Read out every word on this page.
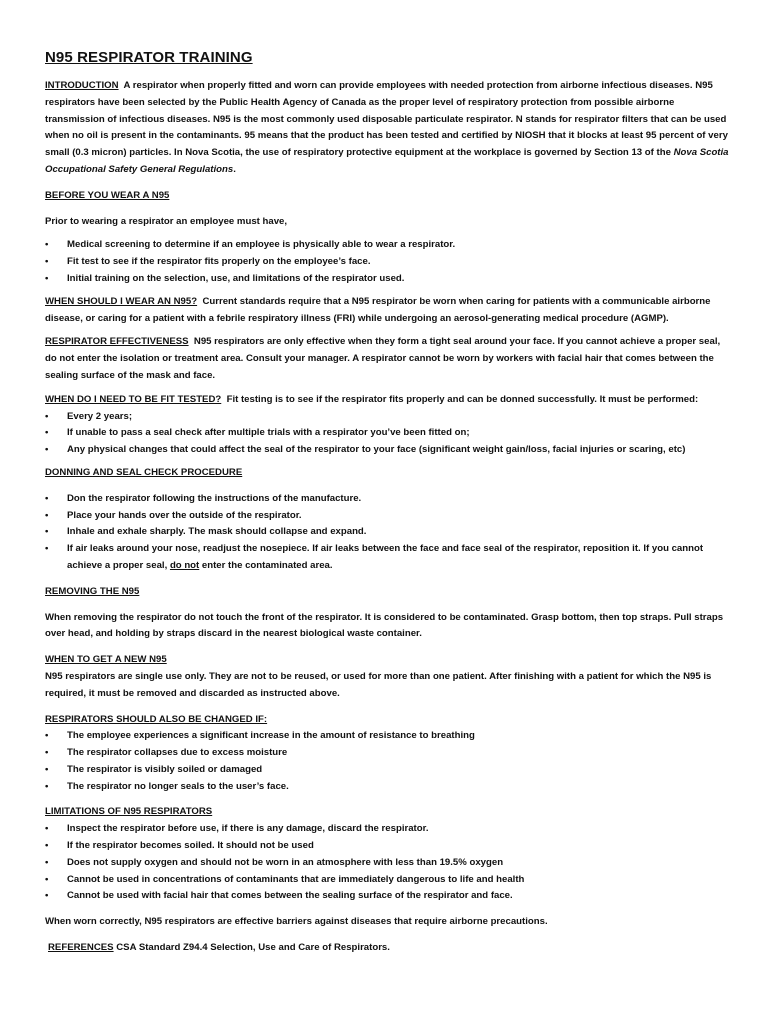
N95 RESPIRATOR TRAINING

INTRODUCTION A respirator when properly fitted and worn can provide employees with needed protection from airborne infectious diseases. N95 respirators have been selected by the Public Health Agency of Canada as the proper level of respiratory protection from possible airborne transmission of infectious diseases. N95 is the most commonly used disposable particulate respirator. N stands for respirator filters that can be used when no oil is present in the contaminants. 95 means that the product has been tested and certified by NIOSH that it blocks at least 95 percent of very small (0.3 micron) particles. In Nova Scotia, the use of respiratory protective equipment at the workplace is governed by Section 13 of the Nova Scotia Occupational Safety General Regulations.

BEFORE YOU WEAR A N95

Prior to wearing a respirator an employee must have,

• Medical screening to determine if an employee is physically able to wear a respirator.
• Fit test to see if the respirator fits properly on the employee’s face.
• Initial training on the selection, use, and limitations of the respirator used.

WHEN SHOULD I WEAR AN N95? Current standards require that a N95 respirator be worn when caring for patients with a communicable airborne disease, or caring for a patient with a febrile respiratory illness (FRI) while undergoing an aerosol-generating medical procedure (AGMP).

RESPIRATOR EFFECTIVENESS N95 respirators are only effective when they form a tight seal around your face. If you cannot achieve a proper seal, do not enter the isolation or treatment area. Consult your manager. A respirator cannot be worn by workers with facial hair that comes between the sealing surface of the mask and face.

WHEN DO I NEED TO BE FIT TESTED? Fit testing is to see if the respirator fits properly and can be donned successfully. It must be performed:

• Every 2 years;
• If unable to pass a seal check after multiple trials with a respirator you’ve been fitted on;
• Any physical changes that could affect the seal of the respirator to your face (significant weight gain/loss, facial injuries or scaring, etc)

DONNING AND SEAL CHECK PROCEDURE

• Don the respirator following the instructions of the manufacture.
• Place your hands over the outside of the respirator.
• Inhale and exhale sharply. The mask should collapse and expand.
• If air leaks around your nose, readjust the nosepiece. If air leaks between the face and face seal of the respirator, reposition it. If you cannot achieve a proper seal, do not enter the contaminated area.

REMOVING THE N95

When removing the respirator do not touch the front of the respirator. It is considered to be contaminated. Grasp bottom, then top straps. Pull straps over head, and holding by straps discard in the nearest biological waste container.

WHEN TO GET A NEW N95

N95 respirators are single use only. They are not to be reused, or used for more than one patient. After finishing with a patient for which the N95 is required, it must be removed and discarded as instructed above.

RESPIRATORS SHOULD ALSO BE CHANGED IF:

• The employee experiences a significant increase in the amount of resistance to breathing
• The respirator collapses due to excess moisture
• The respirator is visibly soiled or damaged
• The respirator no longer seals to the user’s face.

LIMITATIONS OF N95 RESPIRATORS

• Inspect the respirator before use, if there is any damage, discard the respirator.
• If the respirator becomes soiled. It should not be used
• Does not supply oxygen and should not be worn in an atmosphere with less than 19.5% oxygen
• Cannot be used in concentrations of contaminants that are immediately dangerous to life and health
• Cannot be used with facial hair that comes between the sealing surface of the respirator and face.

When worn correctly, N95 respirators are effective barriers against diseases that require airborne precautions.

REFERENCES CSA Standard Z94.4 Selection, Use and Care of Respirators.
